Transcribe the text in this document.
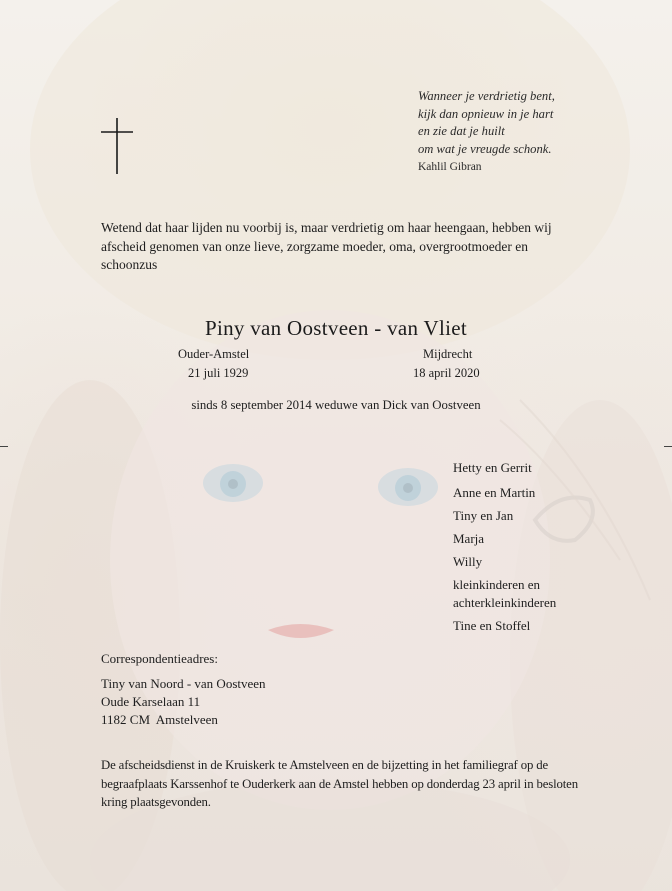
Wanneer je verdrietig bent,
kijk dan opnieuw in je hart
en zie dat je huilt
om wat je vreugde schonk.
Kahlil Gibran

Wetend dat haar lijden nu voorbij is, maar verdrietig om haar heengaan, hebben wij afscheid genomen van onze lieve, zorgzame moeder, oma, overgrootmoeder en schoonzus

Piny van Oostveen - van Vliet
Ouder-Amstel
21 juli 1929
Mijdrecht
18 april 2020
sinds 8 september 2014 weduwe van Dick van Oostveen
Hetty en Gerrit
Anne en Martin
Tiny en Jan
Marja
Willy
kleinkinderen en
achterkleinkinderen
Tine en Stoffel
Correspondentieadres:
Tiny van Noord - van Oostveen
Oude Karselaan 11
1182 CM  Amstelveen

De afscheidsdienst in de Kruiskerk te Amstelveen en de bijzetting in het familiegraf op de begraafplaats Karssenhof te Ouderkerk aan de Amstel hebben op donderdag 23 april in besloten kring plaatsgevonden.
